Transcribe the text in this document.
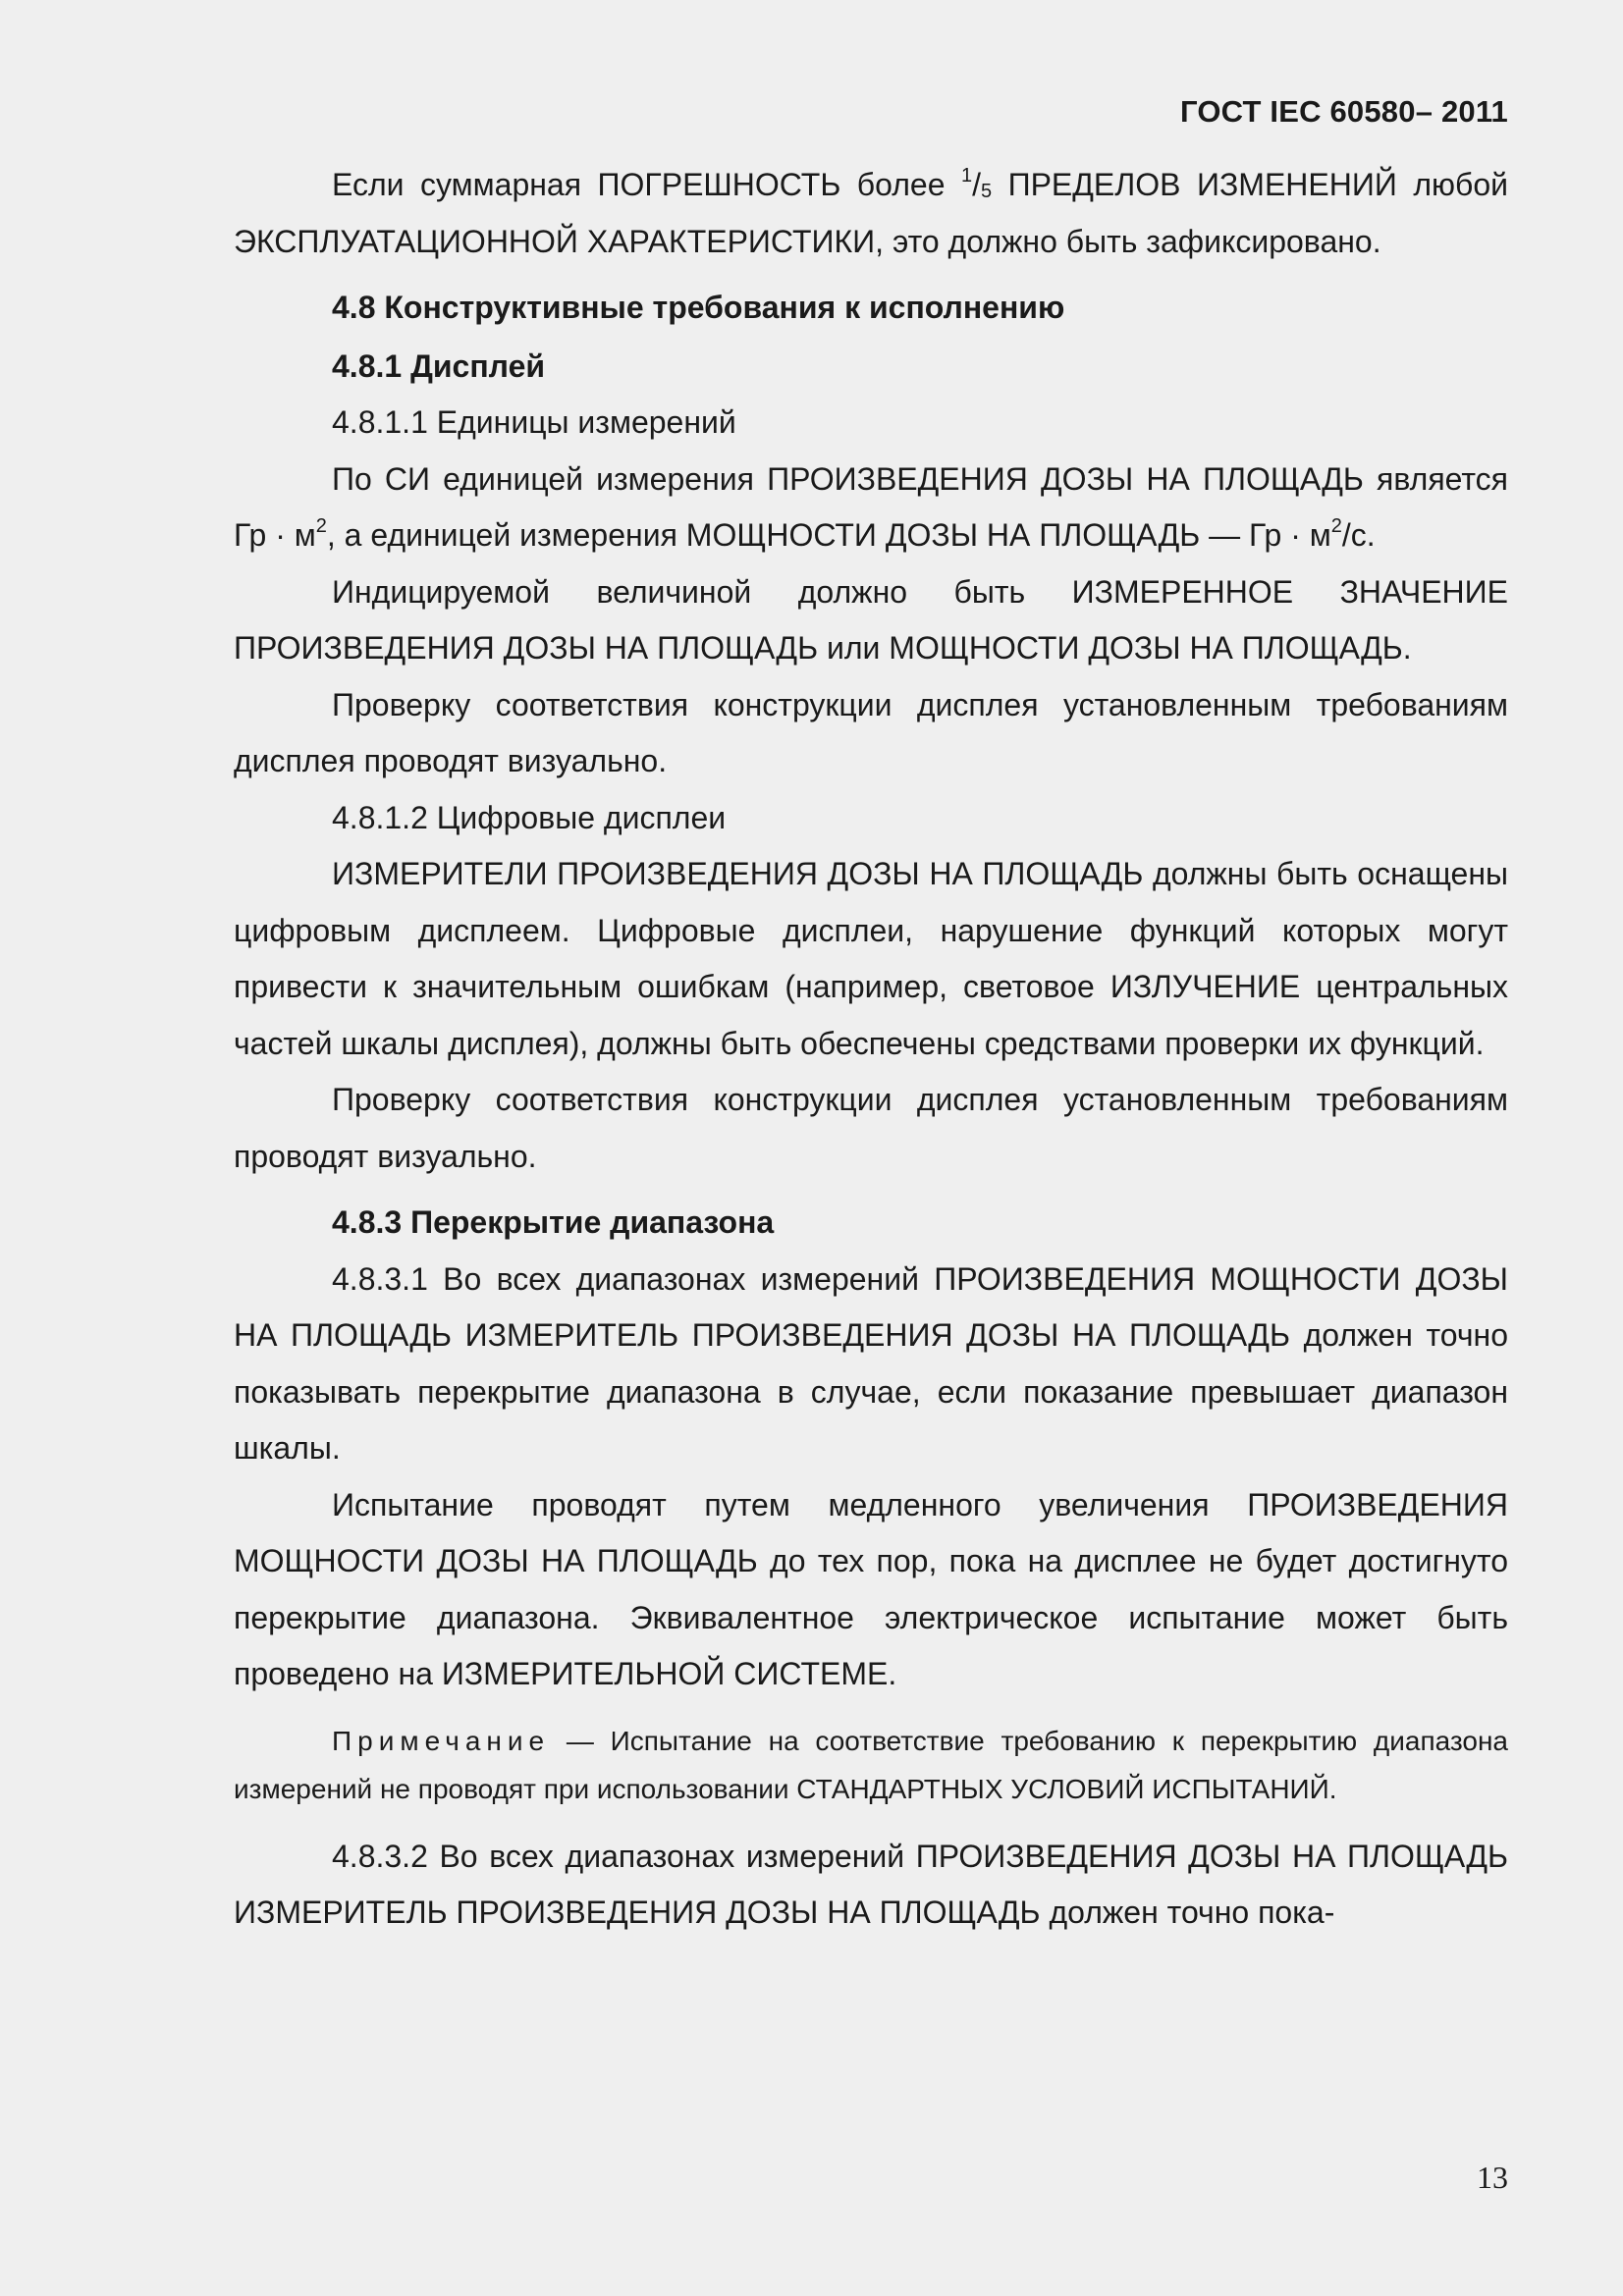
ГОСТ IEC 60580– 2011

Если суммарная ПОГРЕШНОСТЬ более $^1/_5$ ПРЕДЕЛОВ ИЗМЕНЕНИЙ любой ЭКСПЛУАТАЦИОННОЙ ХАРАКТЕРИСТИКИ, это должно быть зафиксировано.

4.8 Конструктивные требования к исполнению

4.8.1 Дисплей

4.8.1.1 Единицы измерений

По СИ единицей измерения ПРОИЗВЕДЕНИЯ ДОЗЫ НА ПЛОЩАДЬ является Гр · $м^2$, а единицей измерения МОЩНОСТИ ДОЗЫ НА ПЛОЩАДЬ — Гр · $м^2/с$.

Индицируемой величиной должно быть ИЗМЕРЕННОЕ ЗНАЧЕНИЕ ПРОИЗВЕДЕНИЯ ДОЗЫ НА ПЛОЩАДЬ или МОЩНОСТИ ДОЗЫ НА ПЛОЩАДЬ.

Проверку соответствия конструкции дисплея установленным требованиям дисплея проводят визуально.

4.8.1.2 Цифровые дисплеи

ИЗМЕРИТЕЛИ ПРОИЗВЕДЕНИЯ ДОЗЫ НА ПЛОЩАДЬ должны быть оснащены цифровым дисплеем. Цифровые дисплеи, нарушение функций которых могут привести к значительным ошибкам (например, световое ИЗЛУЧЕНИЕ центральных частей шкалы дисплея), должны быть обеспечены средствами проверки их функций.

Проверку соответствия конструкции дисплея установленным требованиям проводят визуально.

4.8.3 Перекрытие диапазона

4.8.3.1 Во всех диапазонах измерений ПРОИЗВЕДЕНИЯ МОЩНОСТИ ДОЗЫ НА ПЛОЩАДЬ ИЗМЕРИТЕЛЬ ПРОИЗВЕДЕНИЯ ДОЗЫ НА ПЛОЩАДЬ должен точно показывать перекрытие диапазона в случае, если показание превышает диапазон шкалы.

Испытание проводят путем медленного увеличения ПРОИЗВЕДЕНИЯ МОЩНОСТИ ДОЗЫ НА ПЛОЩАДЬ до тех пор, пока на дисплее не будет достигнуто перекрытие диапазона. Эквивалентное электрическое испытание может быть проведено на ИЗМЕРИТЕЛЬНОЙ СИСТЕМЕ.

Примечание — Испытание на соответствие требованию к перекрытию диапазона измерений не проводят при использовании СТАНДАРТНЫХ УСЛОВИЙ ИСПЫТАНИЙ.

4.8.3.2 Во всех диапазонах измерений ПРОИЗВЕДЕНИЯ ДОЗЫ НА ПЛОЩАДЬ ИЗМЕРИТЕЛЬ ПРОИЗВЕДЕНИЯ ДОЗЫ НА ПЛОЩАДЬ должен точно пока-

13
